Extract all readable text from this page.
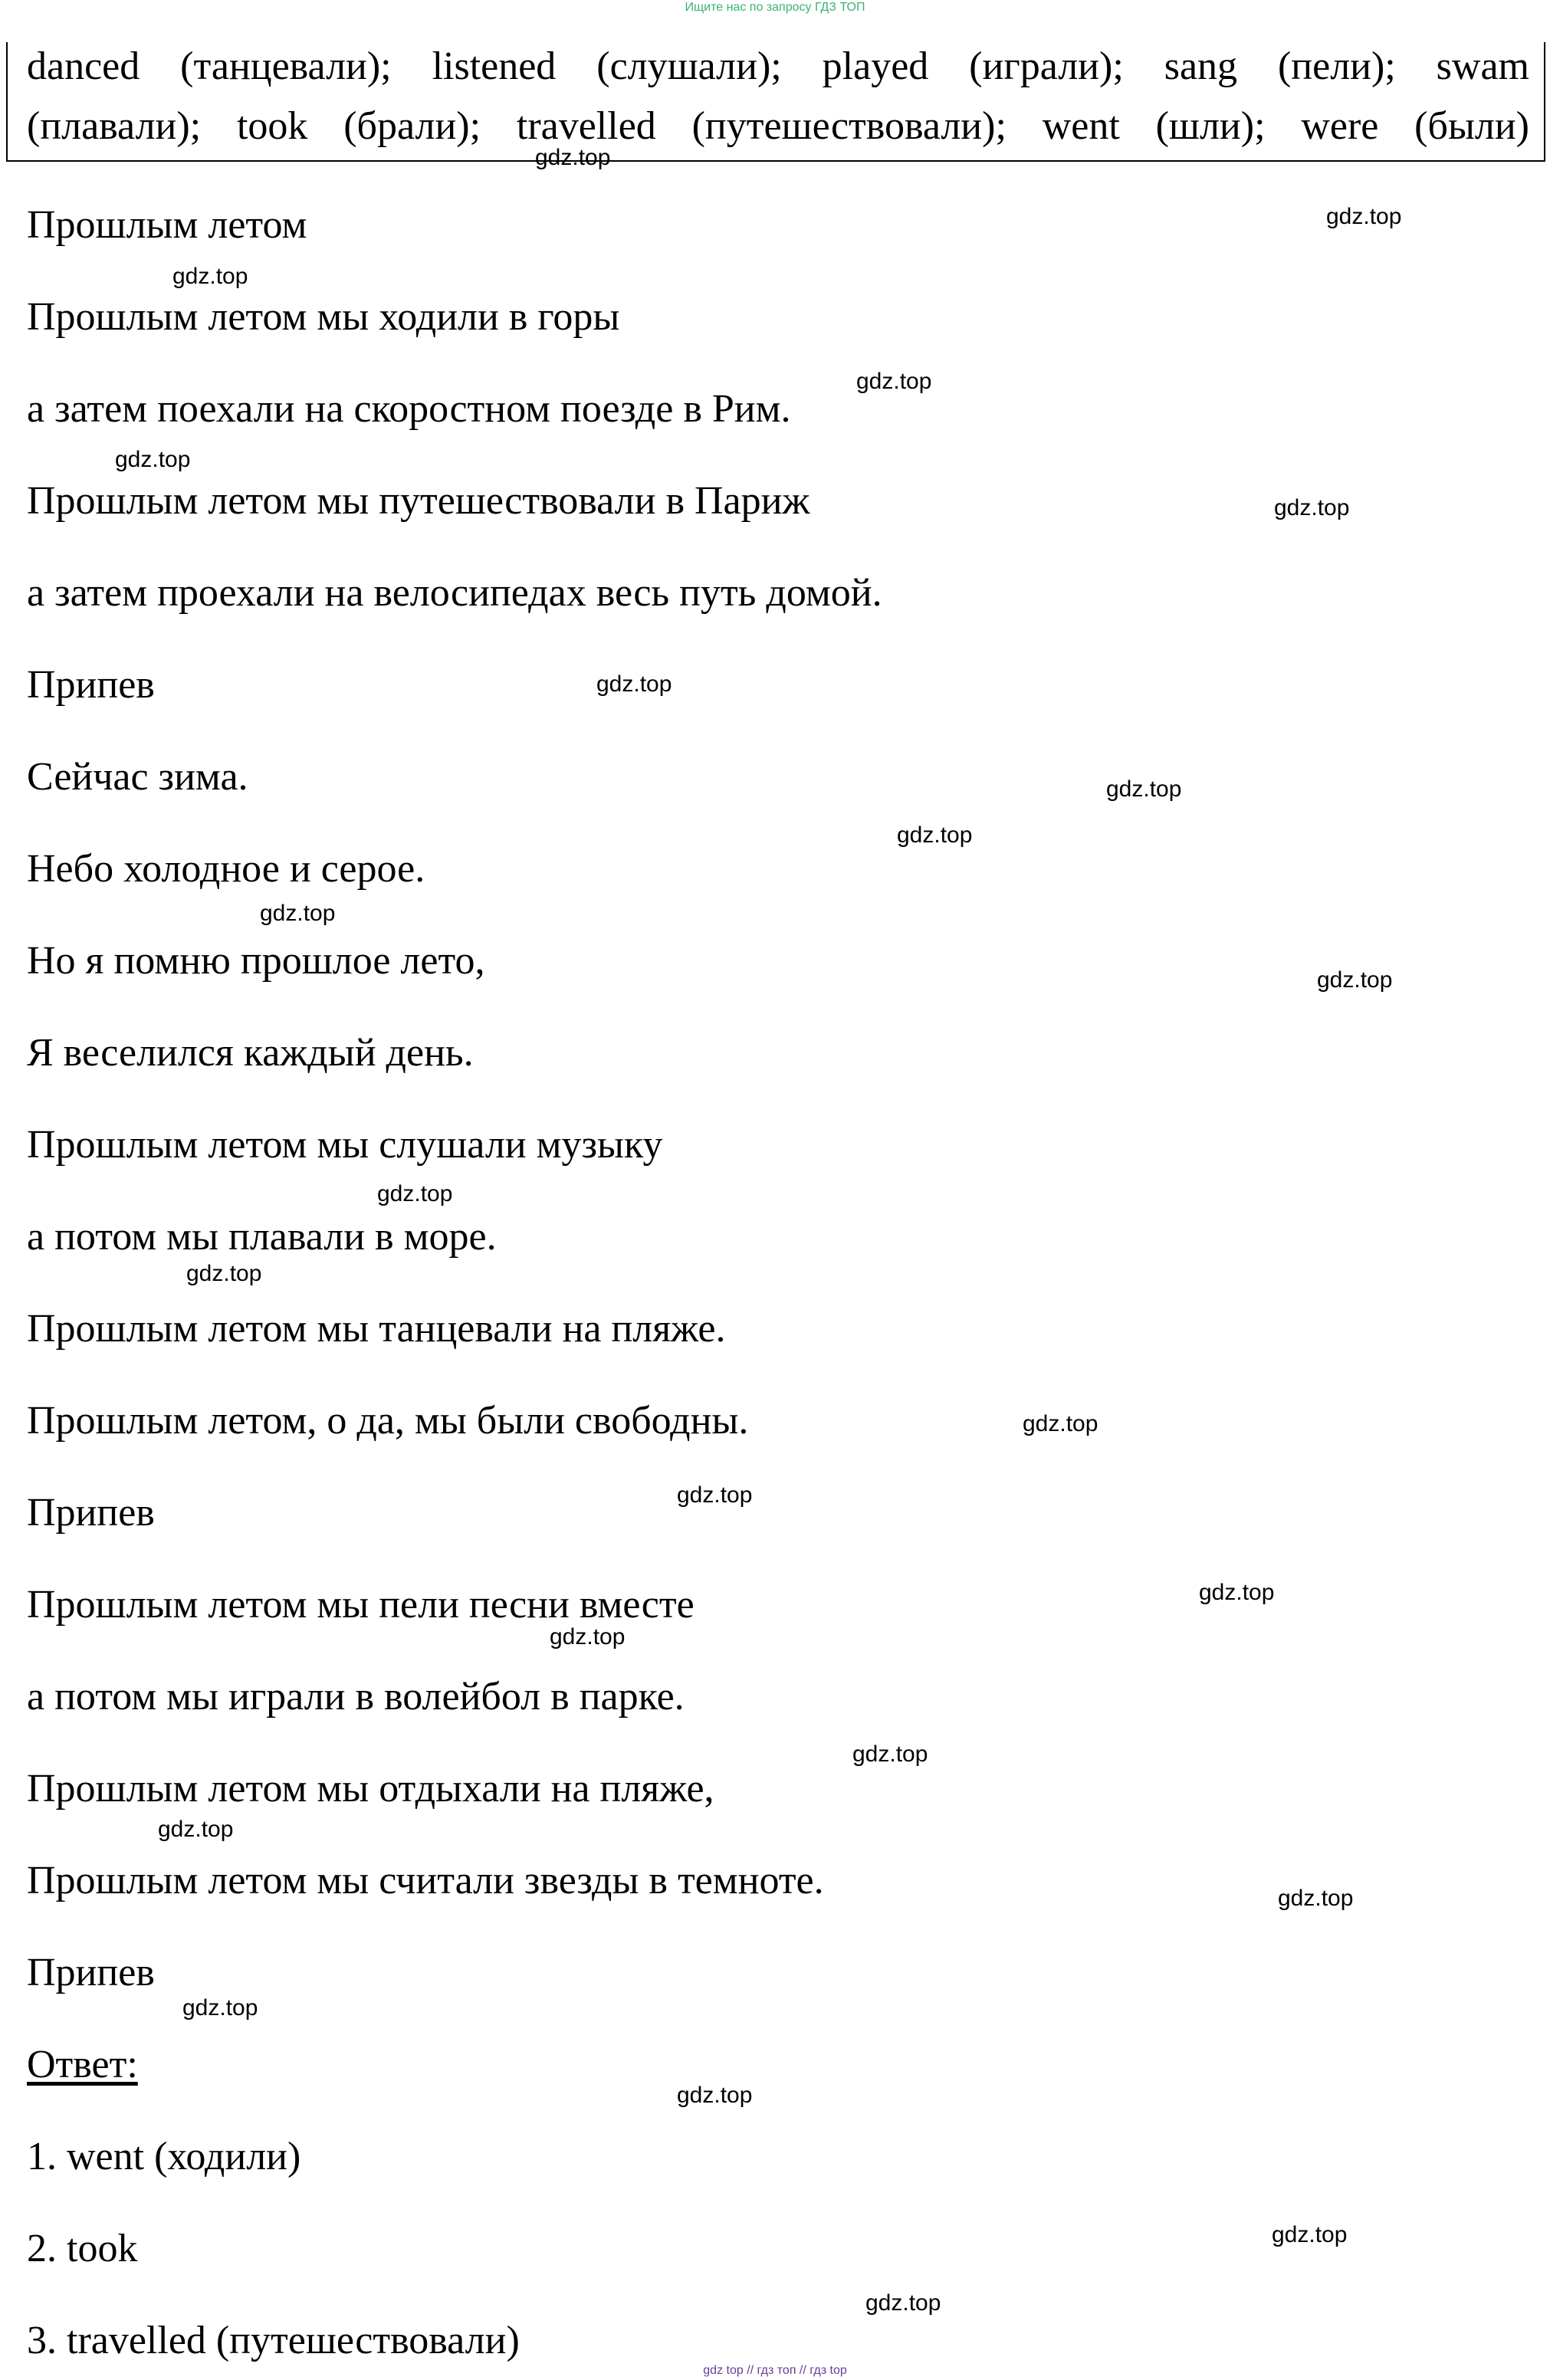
Ищите нас по запросу ГДЗ ТОП
danced (танцевали); listened (слушали); played (играли); sang (пели); swam
(плавали); took (брали); travelled (путешествовали); went (шли); were (были)
Прошлым летом
Прошлым летом мы ходили в горы
а затем поехали на скоростном поезде в Рим.
Прошлым летом мы путешествовали в Париж
а затем проехали на велосипедах весь путь домой.
Припев
Сейчас зима.
Небо холодное и серое.
Но я помню прошлое лето,
Я веселился каждый день.
Прошлым летом мы слушали музыку
а потом мы плавали в море.
Прошлым летом мы танцевали на пляже.
Прошлым летом, о да, мы были свободны.
Припев
Прошлым летом мы пели песни вместе
а потом мы играли в волейбол в парке.
Прошлым летом мы отдыхали на пляже,
Прошлым летом мы считали звезды в темноте.
Припев
Ответ:
1. went (ходили)
2. took
3. travelled (путешествовали)
gdz.top
gdz.top
gdz.top
gdz.top
gdz.top
gdz.top
gdz.top
gdz.top
gdz.top
gdz.top
gdz.top
gdz.top
gdz.top
gdz.top
gdz.top
gdz.top
gdz.top
gdz.top
gdz.top
gdz.top
gdz.top
gdz.top
gdz.top
gdz.top
gdz top // гдз топ // гдз top
